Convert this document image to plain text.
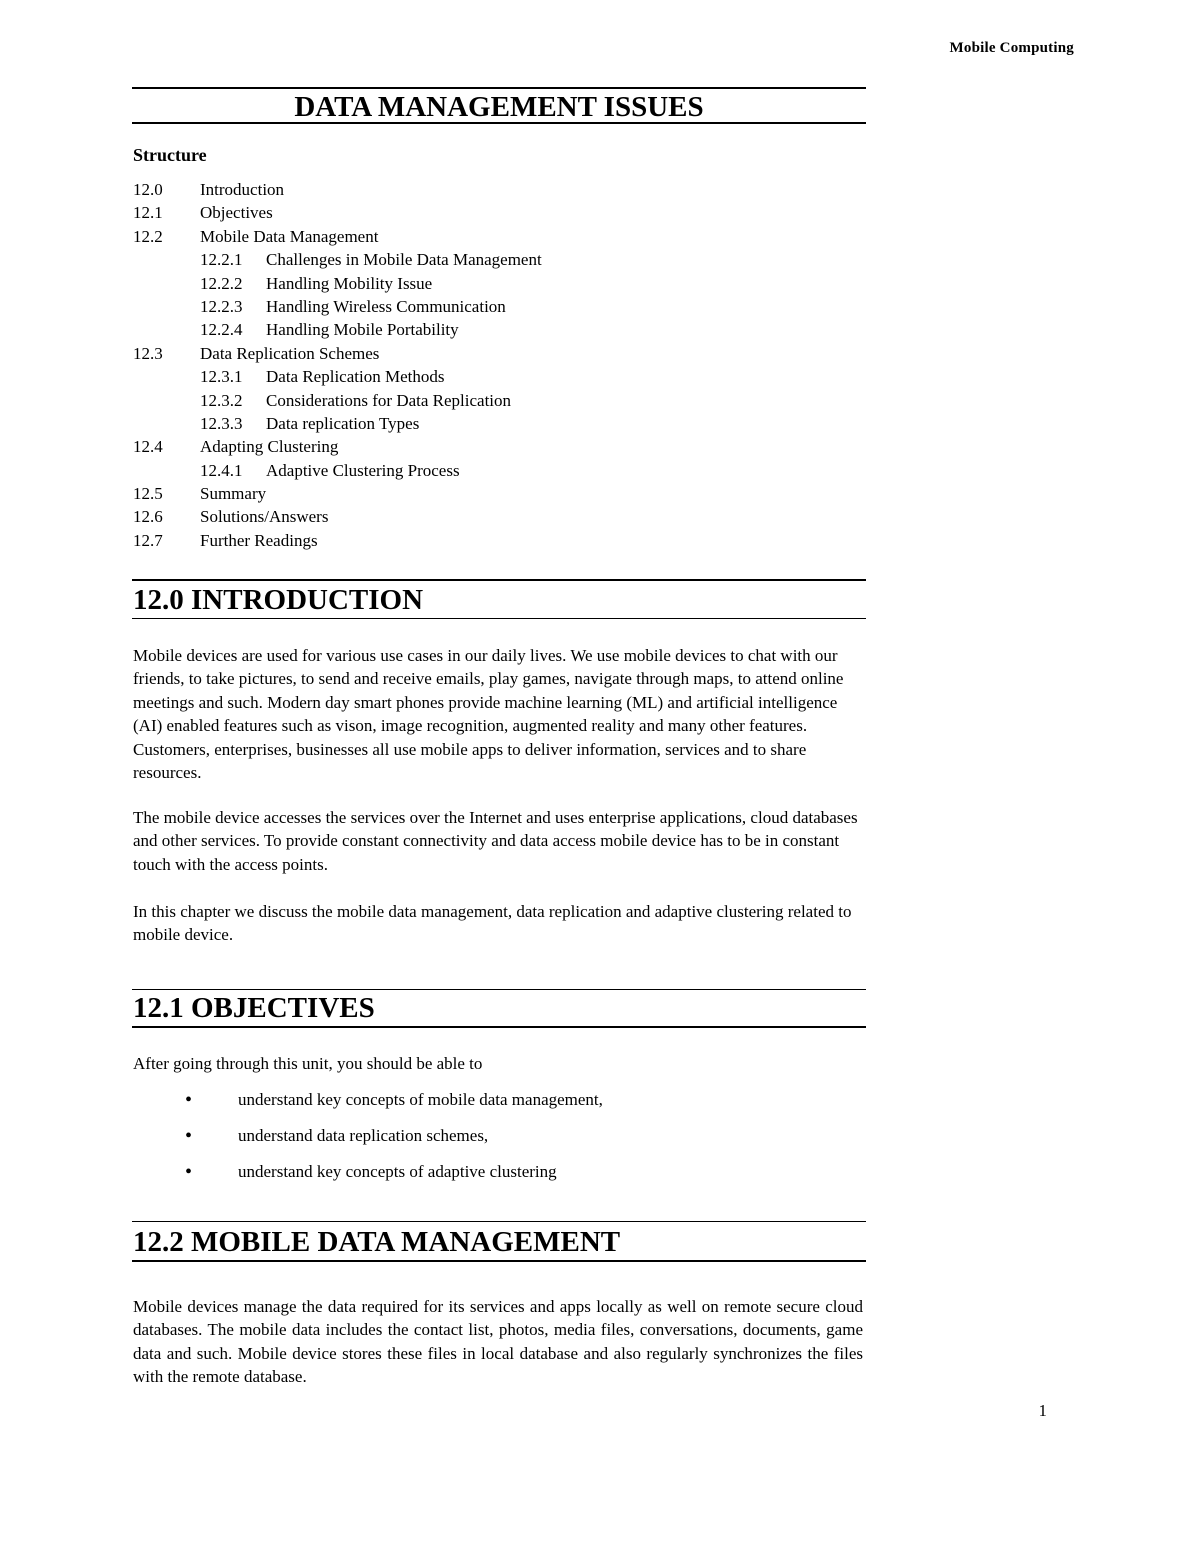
Mobile Computing
DATA MANAGEMENT ISSUES
Structure
12.0 Introduction
12.1 Objectives
12.2 Mobile Data Management
12.2.1 Challenges in Mobile Data Management
12.2.2 Handling Mobility Issue
12.2.3 Handling Wireless Communication
12.2.4 Handling Mobile Portability
12.3 Data Replication Schemes
12.3.1 Data Replication Methods
12.3.2 Considerations for Data Replication
12.3.3 Data replication Types
12.4 Adapting Clustering
12.4.1 Adaptive Clustering Process
12.5 Summary
12.6 Solutions/Answers
12.7 Further Readings
12.0 INTRODUCTION

Mobile devices are used for various use cases in our daily lives. We use mobile devices to chat with our friends, to take pictures, to send and receive emails, play games, navigate through maps, to attend online meetings and such. Modern day smart phones provide machine learning (ML) and artificial intelligence (AI) enabled features such as vison, image recognition, augmented reality and many other features. Customers, enterprises, businesses all use mobile apps to deliver information, services and to share resources.

The mobile device accesses the services over the Internet and uses enterprise applications, cloud databases and other services. To provide constant connectivity and data access mobile device has to be in constant touch with the access points.

In this chapter we discuss the mobile data management, data replication and adaptive clustering related to mobile device.

12.1 OBJECTIVES

After going through this unit, you should be able to

•	understand key concepts of mobile data management,
•	understand data replication schemes,
•	understand key concepts of adaptive clustering
12.2 MOBILE DATA MANAGEMENT

Mobile devices manage the data required for its services and apps locally as well on remote secure cloud databases. The mobile data includes the contact list, photos, media files, conversations, documents, game data and such. Mobile device stores these files in local database and also regularly synchronizes the files with the remote database.

1
